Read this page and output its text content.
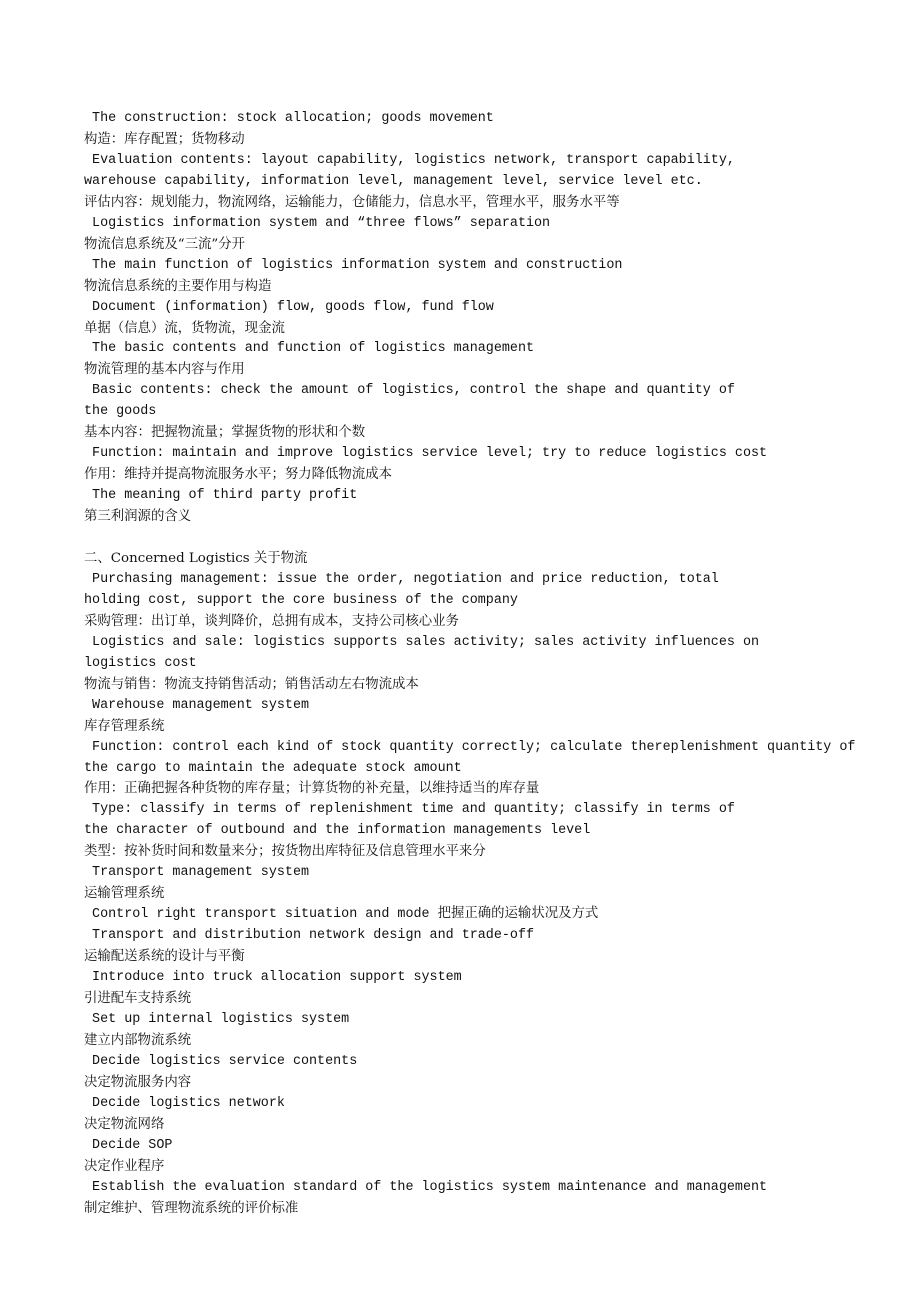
The construction: stock allocation; goods movement

构造：库存配置；货物移动

Evaluation contents: layout capability, logistics network, transport capability,

warehouse capability, information level, management level, service level etc.

评估内容：规划能力，物流网络，运输能力，仓储能力，信息水平，管理水平，服务水平等

Logistics information system and “three flows” separation

物流信息系统及“三流”分开

The main function of logistics information system and construction

物流信息系统的主要作用与构造

Document (information) flow, goods flow, fund flow

单据（信息）流，货物流，现金流

The basic contents and function of logistics management

物流管理的基本内容与作用

Basic contents: check the amount of logistics, control the shape and quantity of

the goods

基本内容：把握物流量；掌握货物的形状和个数

Function: maintain and improve logistics service level; try to reduce logistics cost

作用：维持并提高物流服务水平；努力降低物流成本

The meaning of third party profit

第三利润源的含义

二、Concerned Logistics 关于物流

Purchasing management: issue the order, negotiation and price reduction, total

holding cost, support the core business of the company

采购管理：出订单，谈判降价，总拥有成本，支持公司核心业务

Logistics and sale: logistics supports sales activity; sales activity influences on

logistics cost

物流与销售：物流支持销售活动；销售活动左右物流成本

Warehouse management system

库存管理系统

Function: control each kind of stock quantity correctly; calculate thereplenishment quantity of

the cargo to maintain the adequate stock amount

作用：正确把握各种货物的库存量；计算货物的补充量，以维持适当的库存量

Type: classify in terms of replenishment time and quantity; classify in terms of

the character of outbound and the information managements level

类型：按补货时间和数量来分；按货物出库特征及信息管理水平来分

Transport management system

运输管理系统

Control right transport situation and mode 把握正确的运输状况及方式

Transport and distribution network design and trade-off

运输配送系统的设计与平衡

Introduce into truck allocation support system

引进配车支持系统

Set up internal logistics system

建立内部物流系统

Decide logistics service contents

决定物流服务内容

Decide logistics network

决定物流网络

Decide SOP

决定作业程序

Establish the evaluation standard of the logistics system maintenance and management

制定维护、管理物流系统的评价标准
